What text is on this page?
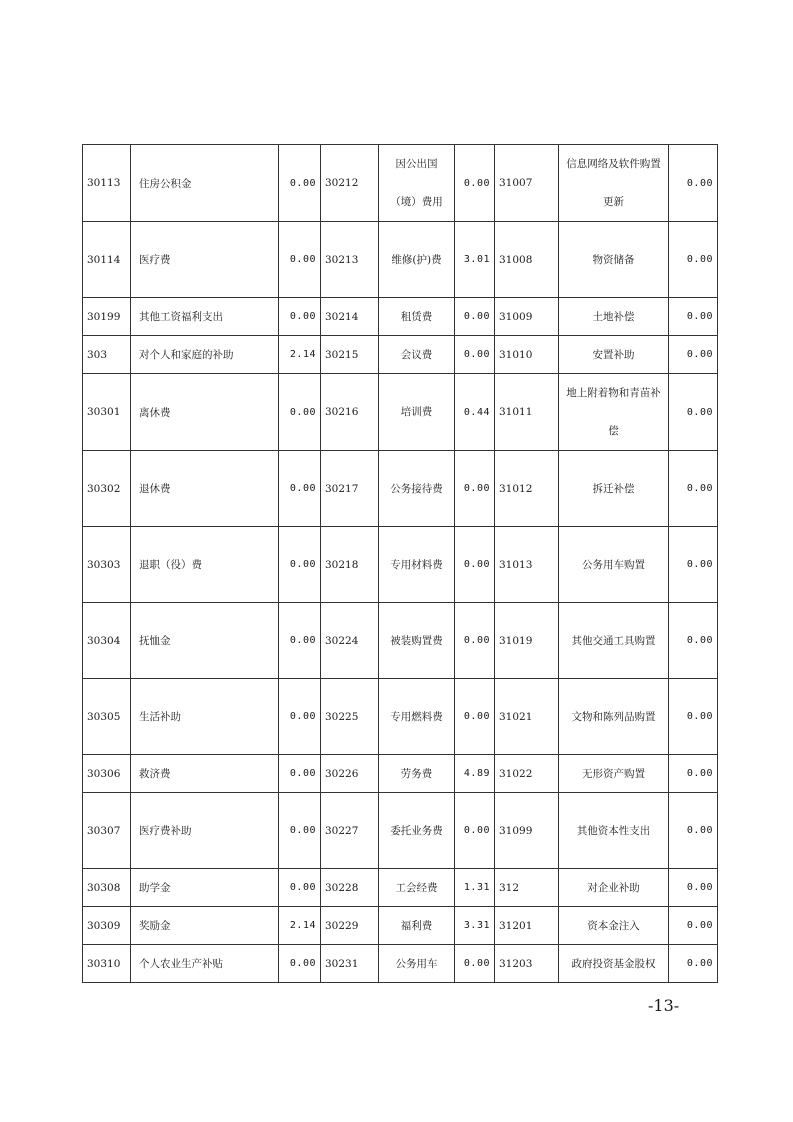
30113	住房公积金	0.00	30212	因公出国（境）费用	0.00	31007	信息网络及软件购置更新	0.00
30114	医疗费	0.00	30213	维修(护)费	3.01	31008	物资储备	0.00
30199	其他工资福利支出	0.00	30214	租赁费	0.00	31009	土地补偿	0.00
303	对个人和家庭的补助	2.14	30215	会议费	0.00	31010	安置补助	0.00
30301	离休费	0.00	30216	培训费	0.44	31011	地上附着物和青苗补偿	0.00
30302	退休费	0.00	30217	公务接待费	0.00	31012	拆迁补偿	0.00
30303	退职（役）费	0.00	30218	专用材料费	0.00	31013	公务用车购置	0.00
30304	抚恤金	0.00	30224	被装购置费	0.00	31019	其他交通工具购置	0.00
30305	生活补助	0.00	30225	专用燃料费	0.00	31021	文物和陈列品购置	0.00
30306	救济费	0.00	30226	劳务费	4.89	31022	无形资产购置	0.00
30307	医疗费补助	0.00	30227	委托业务费	0.00	31099	其他资本性支出	0.00
30308	助学金	0.00	30228	工会经费	1.31	312	对企业补助	0.00
30309	奖励金	2.14	30229	福利费	3.31	31201	资本金注入	0.00
30310	个人农业生产补贴	0.00	30231	公务用车	0.00	31203	政府投资基金股权	0.00
-13-
